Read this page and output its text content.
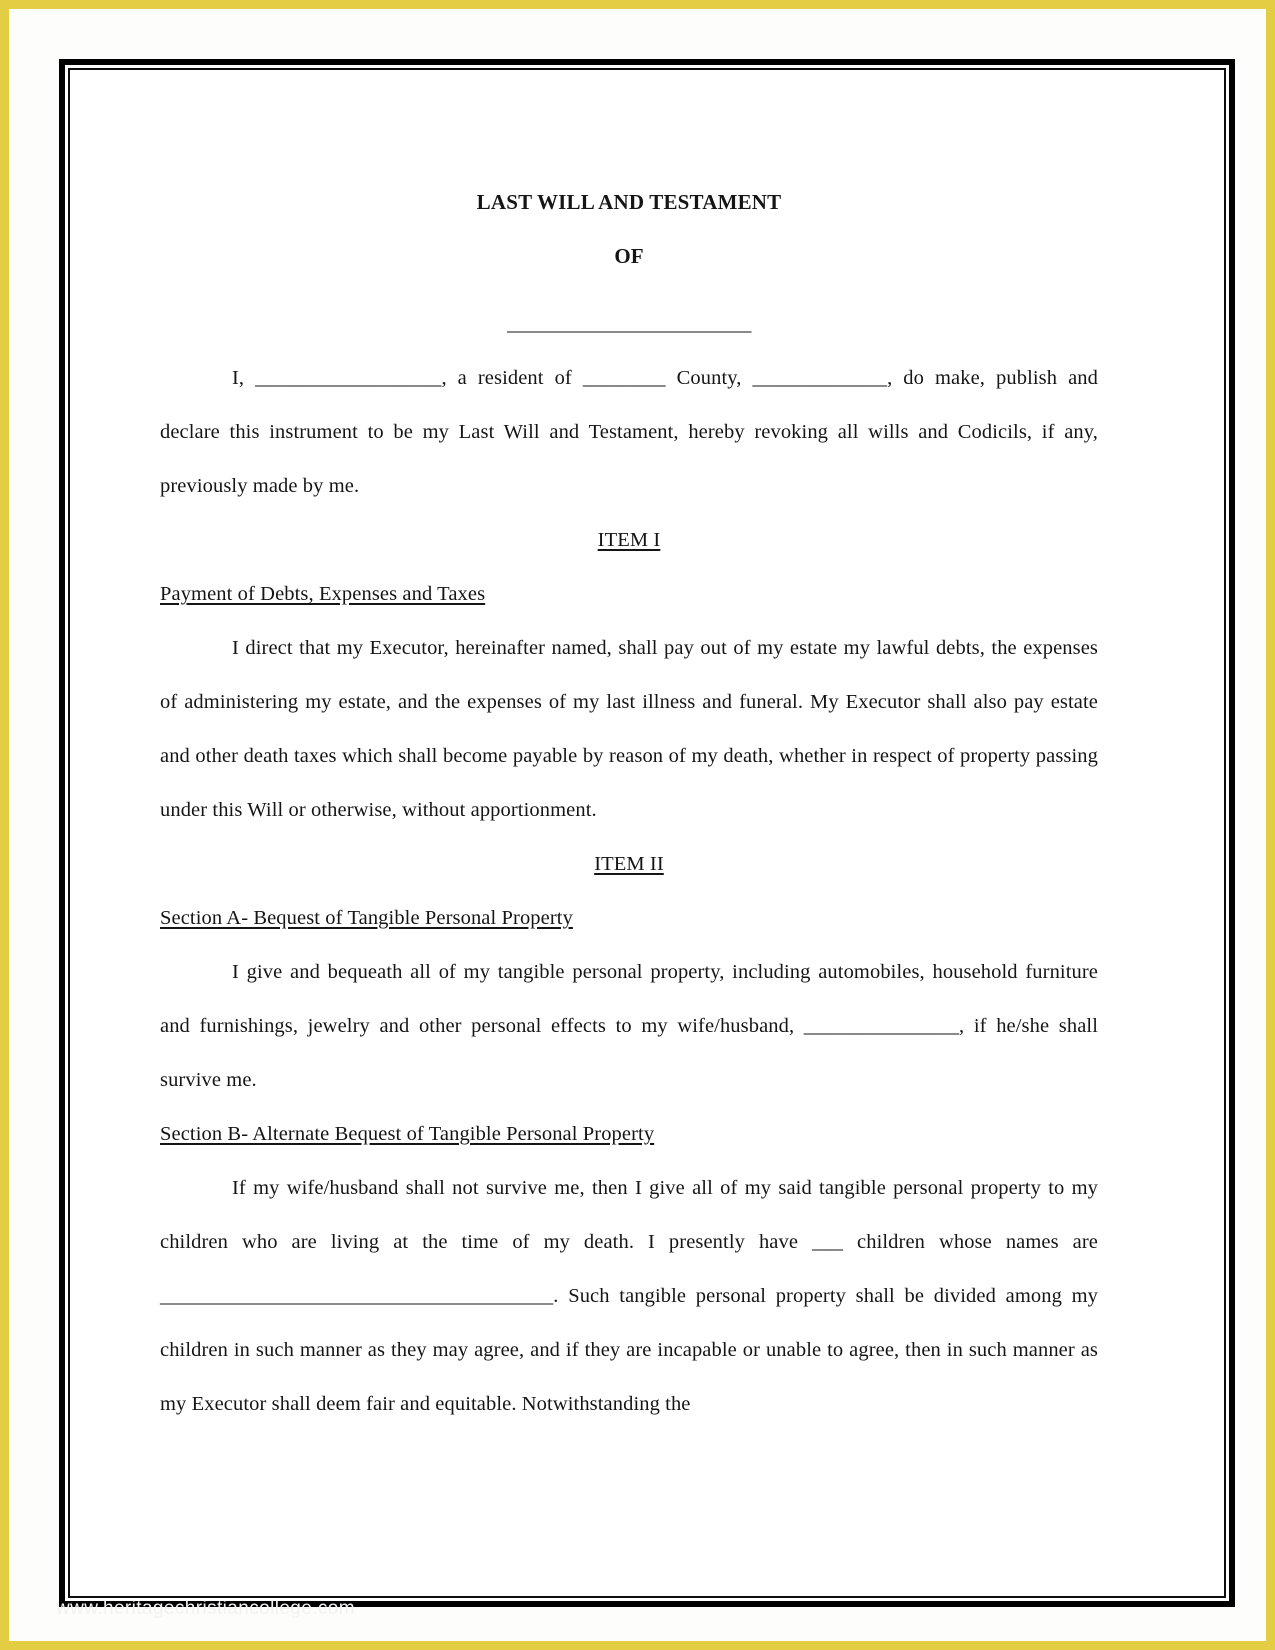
LAST WILL AND TESTAMENT
OF
_________________________

I, __________________, a resident of ________ County, _____________, do make, publish and declare this instrument to be my Last Will and Testament, hereby revoking all wills and Codicils, if any, previously made by me.

ITEM I
Payment of Debts, Expenses and Taxes

I direct that my Executor, hereinafter named, shall pay out of my estate my lawful debts, the expenses of administering my estate, and the expenses of my last illness and funeral. My Executor shall also pay estate and other death taxes which shall become payable by reason of my death, whether in respect of property passing under this Will or otherwise, without apportionment.

ITEM II
Section A- Bequest of Tangible Personal Property

I give and bequeath all of my tangible personal property, including automobiles, household furniture and furnishings, jewelry and other personal effects to my wife/husband, _______________, if he/she shall survive me.

Section B- Alternate Bequest of Tangible Personal Property

If my wife/husband shall not survive me, then I give all of my said tangible personal property to my children who are living at the time of my death. I presently have ___ children whose names are ______________________________________. Such tangible personal property shall be divided among my children in such manner as they may agree, and if they are incapable or unable to agree, then in such manner as my Executor shall deem fair and equitable. Notwithstanding the

www.heritagechristiancollege.com
